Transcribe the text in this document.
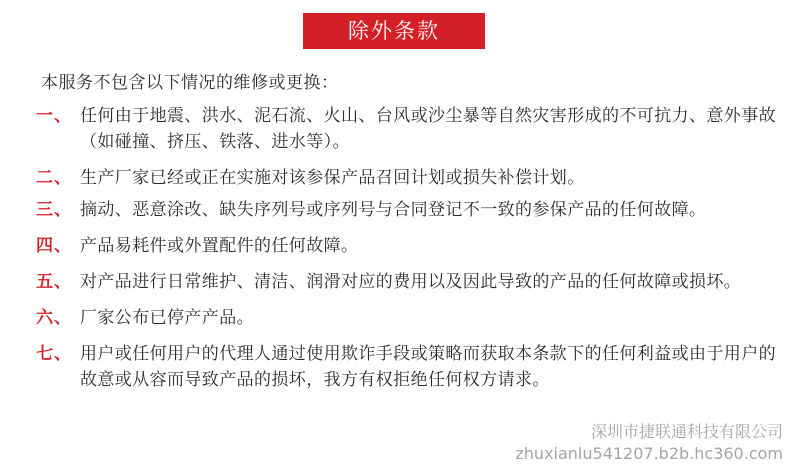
除外条款
本服务不包含以下情况的维修或更换：
一、 任何由于地震、洪水、泥石流、火山、台风或沙尘暴等自然灾害形成的不可抗力、意外事故（如碰撞、挤压、铁落、进水等）。
二、 生产厂家已经或正在实施对该参保产品召回计划或损失补偿计划。
三、 摘动、恶意涂改、缺失序列号或序列号与合同登记不一致的参保产品的任何故障。
四、 产品易耗件或外置配件的任何故障。
五、 对产品进行日常维护、清洁、润滑对应的费用以及因此导致的产品的任何故障或损坏。
六、 厂家公布已停产产品。
七、 用户或任何用户的代理人通过使用欺诈手段或策略而获取本条款下的任何利益或由于用户的故意或从容而导致产品的损坏，我方有权拒绝任何权方请求。
深圳市捷联通科技有限公司
zhuxianlu541207.b2b.hc360.com
